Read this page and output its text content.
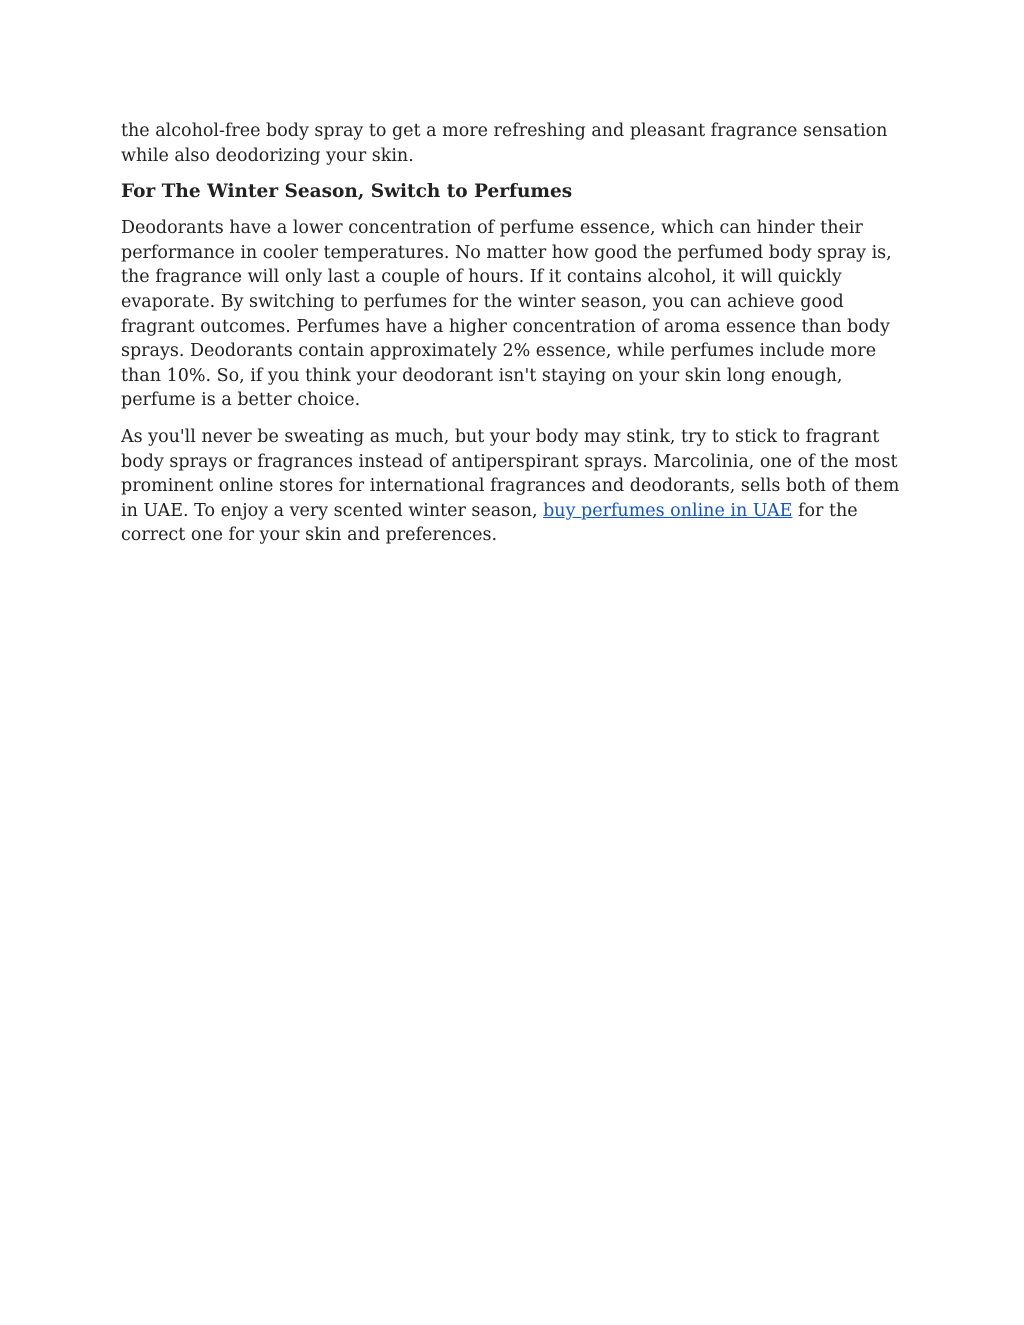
the alcohol-free body spray to get a more refreshing and pleasant fragrance sensation while also deodorizing your skin.

For The Winter Season, Switch to Perfumes

Deodorants have a lower concentration of perfume essence, which can hinder their performance in cooler temperatures. No matter how good the perfumed body spray is, the fragrance will only last a couple of hours. If it contains alcohol, it will quickly evaporate. By switching to perfumes for the winter season, you can achieve good fragrant outcomes. Perfumes have a higher concentration of aroma essence than body sprays. Deodorants contain approximately 2% essence, while perfumes include more than 10%. So, if you think your deodorant isn't staying on your skin long enough, perfume is a better choice.

As you'll never be sweating as much, but your body may stink, try to stick to fragrant body sprays or fragrances instead of antiperspirant sprays. Marcolinia, one of the most prominent online stores for international fragrances and deodorants, sells both of them in UAE. To enjoy a very scented winter season, buy perfumes online in UAE for the correct one for your skin and preferences.
